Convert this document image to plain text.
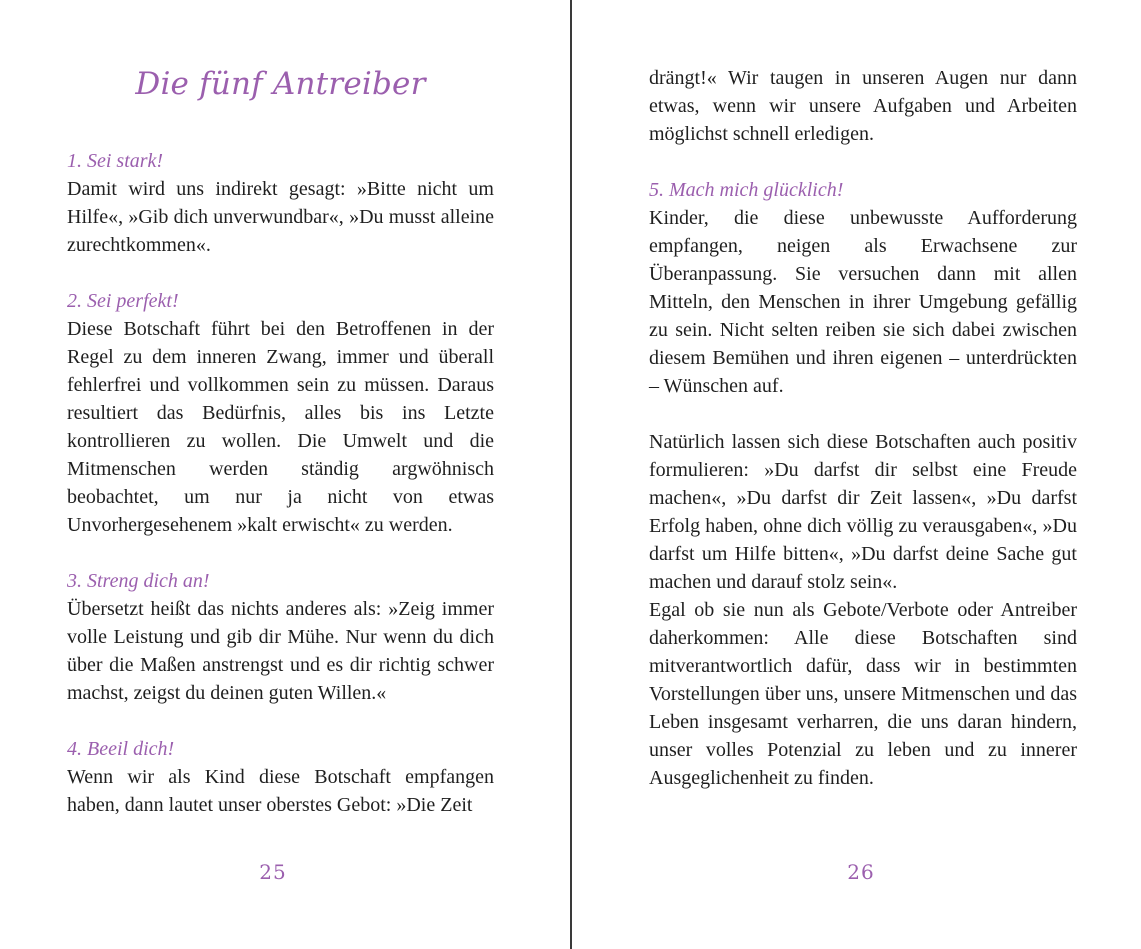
Die fünf Antreiber

1. Sei stark!

Damit wird uns indirekt gesagt: »Bitte nicht um Hilfe«, »Gib dich unverwundbar«, »Du musst alleine zurechtkommen«.

2. Sei perfekt!

Diese Botschaft führt bei den Betroffenen in der Regel zu dem inneren Zwang, immer und überall fehlerfrei und vollkommen sein zu müssen. Daraus resultiert das Bedürfnis, alles bis ins Letzte kontrollieren zu wollen. Die Umwelt und die Mitmenschen werden ständig argwöhnisch beobachtet, um nur ja nicht von etwas Unvorhergesehenem »kalt erwischt« zu werden.

3. Streng dich an!

Übersetzt heißt das nichts anderes als: »Zeig immer volle Leistung und gib dir Mühe. Nur wenn du dich über die Maßen anstrengst und es dir richtig schwer machst, zeigst du deinen guten Willen.«

4. Beeil dich!

Wenn wir als Kind diese Botschaft empfangen haben, dann lautet unser oberstes Gebot: »Die Zeit

25

drängt!« Wir taugen in unseren Augen nur dann etwas, wenn wir unsere Aufgaben und Arbeiten möglichst schnell erledigen.

5. Mach mich glücklich!

Kinder, die diese unbewusste Aufforderung empfangen, neigen als Erwachsene zur Überanpassung. Sie versuchen dann mit allen Mitteln, den Menschen in ihrer Umgebung gefällig zu sein. Nicht selten reiben sie sich dabei zwischen diesem Bemühen und ihren eigenen – unterdrückten – Wünschen auf.

Natürlich lassen sich diese Botschaften auch positiv formulieren: »Du darfst dir selbst eine Freude machen«, »Du darfst dir Zeit lassen«, »Du darfst Erfolg haben, ohne dich völlig zu verausgaben«, »Du darfst um Hilfe bitten«, »Du darfst deine Sache gut machen und darauf stolz sein«.

Egal ob sie nun als Gebote/Verbote oder Antreiber daherkommen: Alle diese Botschaften sind mitverantwortlich dafür, dass wir in bestimmten Vorstellungen über uns, unsere Mitmenschen und das Leben insgesamt verharren, die uns daran hindern, unser volles Potenzial zu leben und zu innerer Ausgeglichenheit zu finden.

26
